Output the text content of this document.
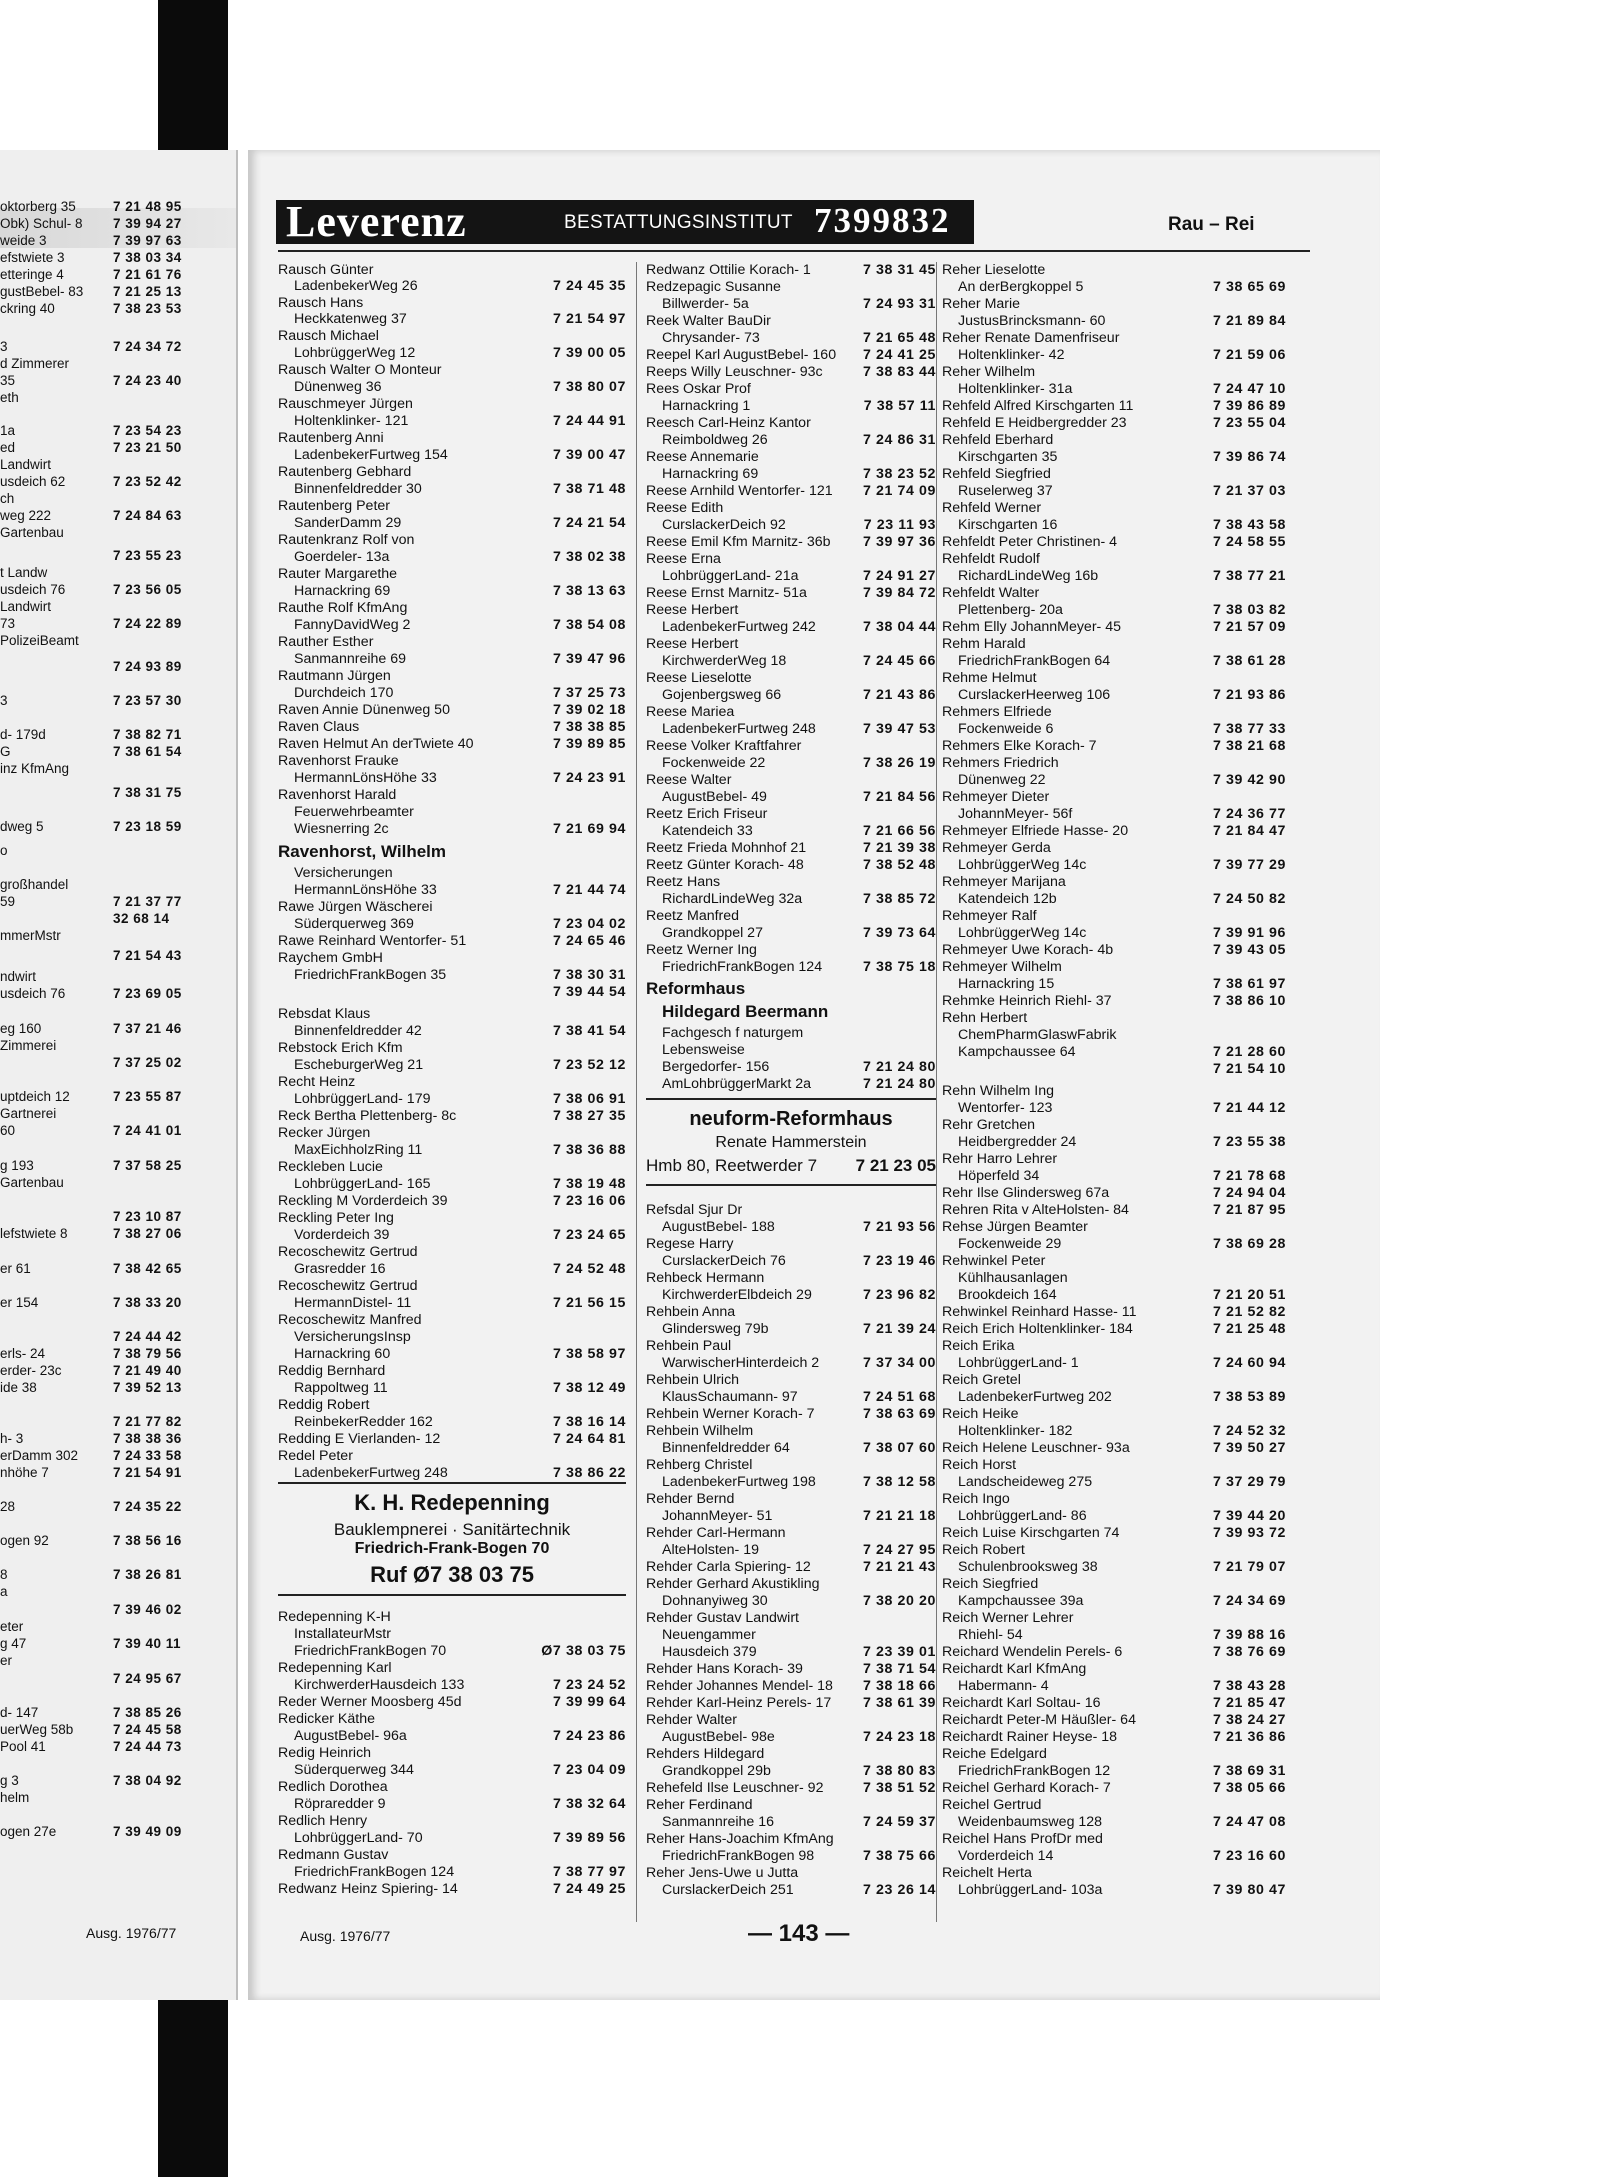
Ausg. 1976/77
oktorberg 35	7 21 48 95
Obk) Schul- 8 7 39 94 27
weide 3	7 39 97 63
efstwiete 3	7 38 03 34
etteringe 4	7 21 61 76
gustBebel- 83 7 21 25 13
ckring 40	7 38 23 53
3	7 24 34 72
d Zimmerer
35	7 24 23 40
eth
1a	7 23 54 23
ed	7 23 21 50
Landwirt
usdeich 62	7 23 52 42
ch
weg 222	7 24 84 63
Gartenbau
7 23 55 23
t Landw
usdeich 76	7 23 56 05
Landwirt
73	7 24 22 89
PolizeiBeamt
7 24 93 89
3	7 23 57 30
d- 179d	7 38 82 71
G	7 38 61 54
inz KfmAng
7 38 31 75
dweg 5	7 23 18 59
o
großhandel
59	7 21 37 77
32 68 14
mmerMstr
7 21 54 43
ndwirt
usdeich 76	7 23 69 05
eg 160	7 37 21 46
Zimmerei
7 37 25 02
uptdeich 12	7 23 55 87
Gartnerei
60	7 24 41 01
g 193	7 37 58 25
Gartenbau
7 23 10 87
lefstwiete 8	7 38 27 06
er 61	7 38 42 65
er 154	7 38 33 20
7 24 44 42
erls- 24	7 38 79 56
erder- 23c	7 21 49 40
ide 38	7 39 52 13
7 21 77 82
h- 3	7 38 38 36
erDamm 302	7 24 33 58
nhöhe 7	7 21 54 91
28	7 24 35 22
ogen 92	7 38 56 16
8	7 38 26 81
a
7 39 46 02
eter
g 47	7 39 40 11
er
7 24 95 67
d- 147	7 38 85 26
uerWeg 58b	7 24 45 58
Pool 41	7 24 44 73
g 3	7 38 04 92
helm
ogen 27e	7 39 49 09
Leverenz	BESTATTUNGSINSTITUT 7399832	Rau – Rei
K. H. Redepenning
Bauklempnerei · Sanitärtechnik
Friedrich-Frank-Bogen 70
Ruf Ø7 38 03 75
Rausch Günter
LadenbekerWeg 26	7 24 45 35
Rausch Hans
Heckkatenweg 37	7 21 54 97
Rausch Michael
LohbrüggerWeg 12	7 39 00 05
Rausch Walter O Monteur
Dünenweg 36	7 38 80 07
Rauschmeyer Jürgen
Holtenklinker- 121	7 24 44 91
Rautenberg Anni
LadenbekerFurtweg 154	7 39 00 47
Rautenberg Gebhard
Binnenfeldredder 30	7 38 71 48
Rautenberg Peter
SanderDamm 29	7 24 21 54
Rautenkranz Rolf von
Goerdeler- 13a	7 38 02 38
Rauter Margarethe
Harnackring 69	7 38 13 63
Rauthe Rolf KfmAng
FannyDavidWeg 2	7 38 54 08
Rauther Esther
Sanmannreihe 69	7 39 47 96
Rautmann Jürgen
Durchdeich 170	7 37 25 73
Raven Annie Dünenweg 50	7 39 02 18
Raven Claus	7 38 38 85
Raven Helmut An derTwiete 40	7 39 89 85
Ravenhorst Frauke
HermannLönsHöhe 33	7 24 23 91
Ravenhorst Harald
Feuerwehrbeamter
Wiesnerring 2c	7 21 69 94
Ravenhorst, Wilhelm
Versicherungen
HermannLönsHöhe 33	7 21 44 74
Rawe Jürgen Wäscherei
Süderquerweg 369	7 23 04 02
Rawe Reinhard Wentorfer- 51	7 24 65 46
Raychem GmbH
FriedrichFrankBogen 35	7 38 30 31
7 39 44 54
Rebsdat Klaus
Binnenfeldredder 42	7 38 41 54
Rebstock Erich Kfm
EscheburgerWeg 21	7 23 52 12
Recht Heinz
LohbrüggerLand- 179	7 38 06 91
Reck Bertha Plettenberg- 8c	7 38 27 35
Recker Jürgen
MaxEichholzRing 11	7 38 36 88
Reckleben Lucie
LohbrüggerLand- 165	7 38 19 48
Reckling M Vorderdeich 39	7 23 16 06
Reckling Peter Ing
Vorderdeich 39	7 23 24 65
Recoschewitz Gertrud
Grasredder 16	7 24 52 48
Recoschewitz Gertrud
HermannDistel- 11	7 21 56 15
Recoschewitz Manfred
VersicherungsInsp
Harnackring 60	7 38 58 97
Reddig Bernhard
Rappoltweg 11	7 38 12 49
Reddig Robert
ReinbekerRedder 162	7 38 16 14
Redding E Vierlanden- 12	7 24 64 81
Redel Peter
LadenbekerFurtweg 248	7 38 86 22
Redepenning K-H
InstallateurMstr
FriedrichFrankBogen 70	Ø7 38 03 75
Redepenning Karl
KirchwerderHausdeich 133	7 23 24 52
Reder Werner Moosberg 45d	7 39 99 64
Redicker Käthe
AugustBebel- 96a	7 24 23 86
Redig Heinrich
Süderquerweg 344	7 23 04 09
Redlich Dorothea
Röpraredder 9	7 38 32 64
Redlich Henry
LohbrüggerLand- 70	7 39 89 56
Redmann Gustav
FriedrichFrankBogen 124	7 38 77 97
Redwanz Heinz Spiering- 14	7 24 49 25
neuform-Reformhaus
Renate Hammerstein
Hmb 80, Reetwerder 7 7 21 23 05
Redwanz Ottilie Korach- 1	7 38 31 45
Redzepagic Susanne
Billwerder- 5a	7 24 93 31
Reek Walter BauDir
Chrysander- 73	7 21 65 48
Reepel Karl AugustBebel- 160 7 24 41 25
Reeps Willy Leuschner- 93c	7 38 83 44
Rees Oskar Prof
Harnackring 1	7 38 57 11
Reesch Carl-Heinz Kantor
Reimboldweg 26	7 24 86 31
Reese Annemarie
Harnackring 69	7 38 23 52
Reese Arnhild Wentorfer- 121 7 21 74 09
Reese Edith
CurslackerDeich 92	7 23 11 93
Reese Emil Kfm Marnitz- 36b 7 39 97 36
Reese Erna
LohbrüggerLand- 21a	7 24 91 27
Reese Ernst Marnitz- 51a	7 39 84 72
Reese Herbert
LadenbekerFurtweg 242	7 38 04 44
Reese Herbert
KirchwerderWeg 18	7 24 45 66
Reese Lieselotte
Gojenbergsweg 66	7 21 43 86
Reese Mariea
LadenbekerFurtweg 248	7 39 47 53
Reese Volker Kraftfahrer
Fockenweide 22	7 38 26 19
Reese Walter
AugustBebel- 49	7 21 84 56
Reetz Erich Friseur
Katendeich 33	7 21 66 56
Reetz Frieda Mohnhof 21	7 21 39 38
Reetz Günter Korach- 48	7 38 52 48
Reetz Hans
RichardLindeWeg 32a	7 38 85 72
Reetz Manfred
Grandkoppel 27	7 39 73 64
Reetz Werner Ing
FriedrichFrankBogen 124	7 38 75 18
Reformhaus
Hildegard Beermann
Fachgesch f naturgem
Lebensweise
Bergedorfer- 156	7 21 24 80
AmLohbrüggerMarkt 2a	7 21 24 80
Refsdal Sjur Dr
AugustBebel- 188	7 21 93 56
Regese Harry
CurslackerDeich 76	7 23 19 46
Rehbeck Hermann
KirchwerderElbdeich 29	7 23 96 82
Rehbein Anna
Glindersweg 79b	7 21 39 24
Rehbein Paul
WarwischerHinterdeich 2	7 37 34 00
Rehbein Ulrich
KlausSchaumann- 97	7 24 51 68
Rehbein Werner Korach- 7	7 38 63 69
Rehbein Wilhelm
Binnenfeldredder 64	7 38 07 60
Rehberg Christel
LadenbekerFurtweg 198	7 38 12 58
Rehder Bernd
JohannMeyer- 51	7 21 21 18
Rehder Carl-Hermann
AlteHolsten- 19	7 24 27 95
Rehder Carla Spiering- 12	7 21 21 43
Rehder Gerhard Akustikling
Dohnanyiweg 30	7 38 20 20
Rehder Gustav Landwirt
Neuengammer
Hausdeich 379	7 23 39 01
Rehder Hans Korach- 39	7 38 71 54
Rehder Johannes Mendel- 18 7 38 18 66
Rehder Karl-Heinz Perels- 17 7 38 61 39
Rehder Walter
AugustBebel- 98e	7 24 23 18
Rehders Hildegard
Grandkoppel 29b	7 38 80 83
Rehefeld Ilse Leuschner- 92	7 38 51 52
Reher Ferdinand
Sanmannreihe 16	7 24 59 37
Reher Hans-Joachim KfmAng
FriedrichFrankBogen 98	7 38 75 66
Reher Jens-Uwe u Jutta
CurslackerDeich 251	7 23 26 14
Reher Lieselotte
An derBergkoppel 5	7 38 65 69
Reher Marie
JustusBrincksmann- 60	7 21 89 84
Reher Renate Damenfriseur
Holtenklinker- 42	7 21 59 06
Reher Wilhelm
Holtenklinker- 31a	7 24 47 10
Rehfeld Alfred Kirschgarten 11	7 39 86 89
Rehfeld E Heidbergredder 23	7 23 55 04
Rehfeld Eberhard
Kirschgarten 35	7 39 86 74
Rehfeld Siegfried
Ruselerweg 37	7 21 37 03
Rehfeld Werner
Kirschgarten 16	7 38 43 58
Rehfeldt Peter Christinen- 4	7 24 58 55
Rehfeldt Rudolf
RichardLindeWeg 16b	7 38 77 21
Rehfeldt Walter
Plettenberg- 20a	7 38 03 82
Rehm Elly JohannMeyer- 45	7 21 57 09
Rehm Harald
FriedrichFrankBogen 64	7 38 61 28
Rehme Helmut
CurslackerHeerweg 106	7 21 93 86
Rehmers Elfriede
Fockenweide 6	7 38 77 33
Rehmers Elke Korach- 7	7 38 21 68
Rehmers Friedrich
Dünenweg 22	7 39 42 90
Rehmeyer Dieter
JohannMeyer- 56f	7 24 36 77
Rehmeyer Elfriede Hasse- 20	7 21 84 47
Rehmeyer Gerda
LohbrüggerWeg 14c	7 39 77 29
Rehmeyer Marijana
Katendeich 12b	7 24 50 82
Rehmeyer Ralf
LohbrüggerWeg 14c	7 39 91 96
Rehmeyer Uwe Korach- 4b	7 39 43 05
Rehmeyer Wilhelm
Harnackring 15	7 38 61 97
Rehmke Heinrich Riehl- 37	7 38 86 10
Rehn Herbert
ChemPharmGlaswFabrik
Kampchaussee 64	7 21 28 60
7 21 54 10
Rehn Wilhelm Ing
Wentorfer- 123	7 21 44 12
Rehr Gretchen
Heidbergredder 24	7 23 55 38
Rehr Harro Lehrer
Höperfeld 34	7 21 78 68
Rehr Ilse Glindersweg 67a	7 24 94 04
Rehren Rita v AlteHolsten- 84	7 21 87 95
Rehse Jürgen Beamter
Fockenweide 29	7 38 69 28
Rehwinkel Peter
Kühlhausanlagen
Brookdeich 164	7 21 20 51
Rehwinkel Reinhard Hasse- 11	7 21 52 82
Reich Erich Holtenklinker- 184	7 21 25 48
Reich Erika
LohbrüggerLand- 1	7 24 60 94
Reich Gretel
LadenbekerFurtweg 202	7 38 53 89
Reich Heike
Holtenklinker- 182	7 24 52 32
Reich Helene Leuschner- 93a	7 39 50 27
Reich Horst
Landscheideweg 275	7 37 29 79
Reich Ingo
LohbrüggerLand- 86	7 39 44 20
Reich Luise Kirschgarten 74	7 39 93 72
Reich Robert
Schulenbrooksweg 38	7 21 79 07
Reich Siegfried
Kampchaussee 39a	7 24 34 69
Reich Werner Lehrer
Rhiehl- 54	7 39 88 16
Reichard Wendelin Perels- 6	7 38 76 69
Reichardt Karl KfmAng
Habermann- 4	7 38 43 28
Reichardt Karl Soltau- 16	7 21 85 47
Reichardt Peter-M Häußler- 64	7 38 24 27
Reichardt Rainer Heyse- 18	7 21 36 86
Reiche Edelgard
FriedrichFrankBogen 12	7 38 69 31
Reichel Gerhard Korach- 7	7 38 05 66
Reichel Gertrud
Weidenbaumsweg 128	7 24 47 08
Reichel Hans ProfDr med
Vorderdeich 14	7 23 16 60
Reichelt Herta
LohbrüggerLand- 103a	7 39 80 47
Ausg. 1976/77	— 143 —
